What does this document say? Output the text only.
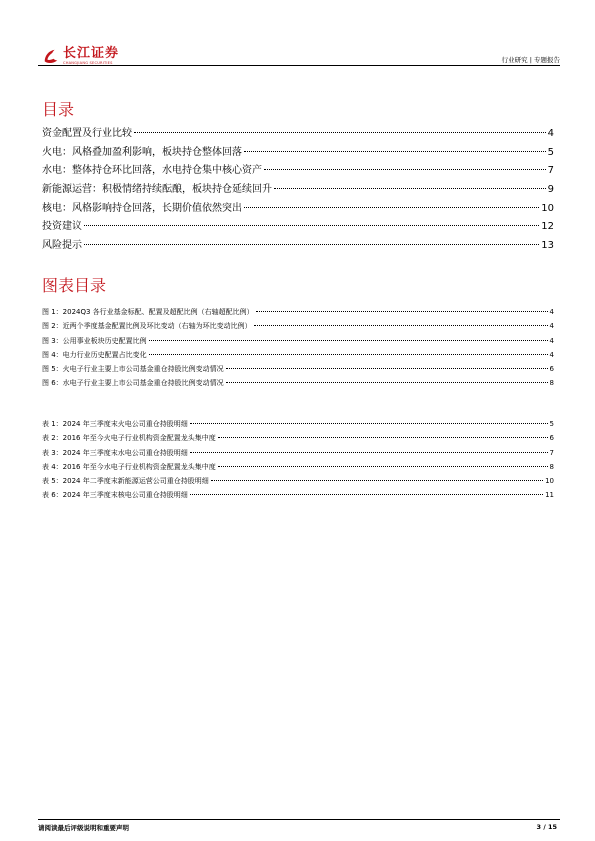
长江证券
CHANGJIANG SECURITIES	行业研究 | 专题报告
目录
资金配置及行业比较	4
火电：风格叠加盈利影响，板块持仓整体回落	5
水电：整体持仓环比回落，水电持仓集中核心资产	7
新能源运营：积极情绪持续酝酿，板块持仓延续回升	9
核电：风格影响持仓回落，长期价值依然突出	10
投资建议	12
风险提示	13
图表目录
图 1：2024Q3 各行业基金标配、配置及超配比例（右轴超配比例）	4
图 2：近两个季度基金配置比例及环比变动（右轴为环比变动比例）	4
图 3：公用事业板块历史配置比例	4
图 4：电力行业历史配置占比变化	4
图 5：火电子行业主要上市公司基金重仓持股比例变动情况	6
图 6：水电子行业主要上市公司基金重仓持股比例变动情况	8
表 1：2024 年三季度末火电公司重仓持股明细	5
表 2：2016 年至今火电子行业机构资金配置龙头集中度	6
表 3：2024 年三季度末水电公司重仓持股明细	7
表 4：2016 年至今水电子行业机构资金配置龙头集中度	8
表 5：2024 年二季度末新能源运营公司重仓持股明细	10
表 6：2024 年三季度末核电公司重仓持股明细	11
请阅读最后评级说明和重要声明	3 / 15
